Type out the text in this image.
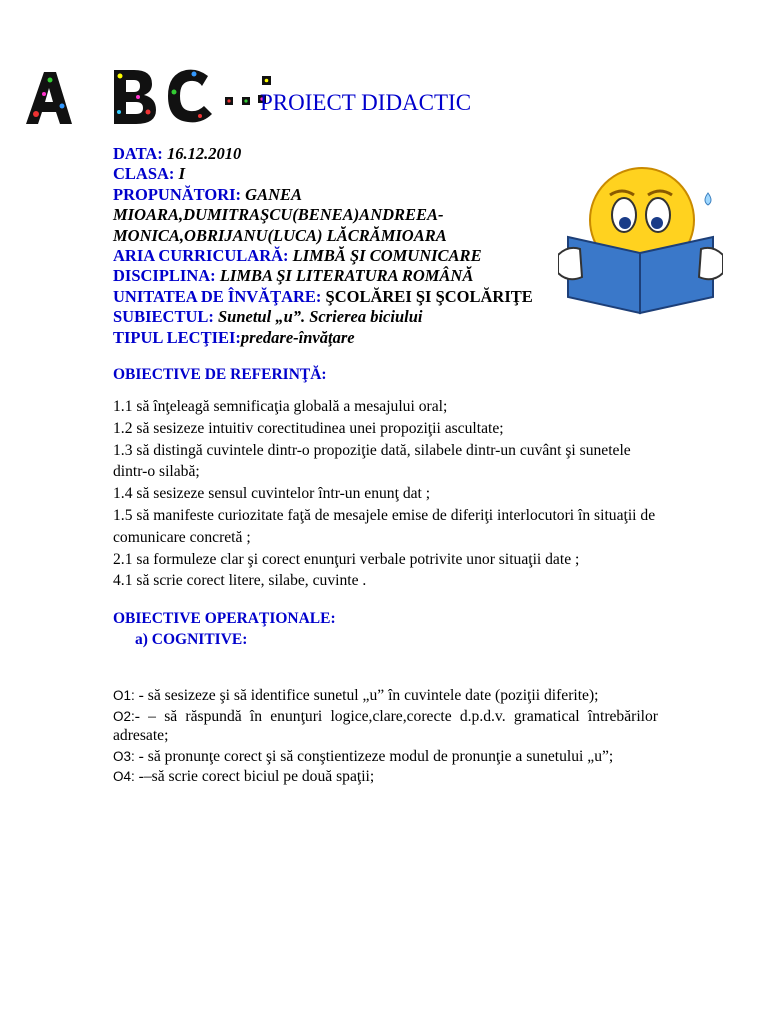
PROIECT DIDACTIC
DATA: 16.12.2010
CLASA: I
PROPUNĂTORI: GANEA MIOARA,DUMITRAŞCU(BENEA)ANDREEA-MONICA,OBRIJANU(LUCA) LĂCRĂMIOARA
ARIA CURRICULARĂ: LIMBĂ ŞI COMUNICARE
DISCIPLINA: LIMBA ŞI LITERATURA ROMÂNĂ
UNITATEA DE ÎNVĂŢARE: ŞCOLĂREI ŞI ŞCOLĂRIŢE
SUBIECTUL: Sunetul „u”. Scrierea biciului
TIPUL LECŢIEI:predare-învăţare
OBIECTIVE DE REFERINŢĂ:
1.1 să înţeleagă semnificaţia globală a mesajului oral;
1.2 să sesizeze intuitiv corectitudinea unei propoziţii ascultate;
1.3 să distingă cuvintele dintr-o propoziţie dată, silabele dintr-un cuvânt şi sunetele dintr-o silabă;
1.4 să sesizeze sensul cuvintelor într-un enunţ dat ;
1.5 să manifeste curiozitate faţă de mesajele emise de diferiţi interlocutori în situaţii de comunicare concretă ;
2.1 sa formuleze clar şi corect enunţuri verbale potrivite unor situaţii date ;
4.1 să scrie corect litere, silabe, cuvinte .
OBIECTIVE OPERAŢIONALE:
a) COGNITIVE:
O1: - să sesizeze şi să identifice sunetul „u” în cuvintele date (poziţii diferite);
O2:- – să răspundă în enunţuri logice,clare,corecte d.p.d.v. gramatical întrebărilor adresate;
O3: - să pronunţe corect şi să conştientizeze modul de pronunţie a sunetului „u”;
O4: -–să scrie corect biciul pe două spaţii;
